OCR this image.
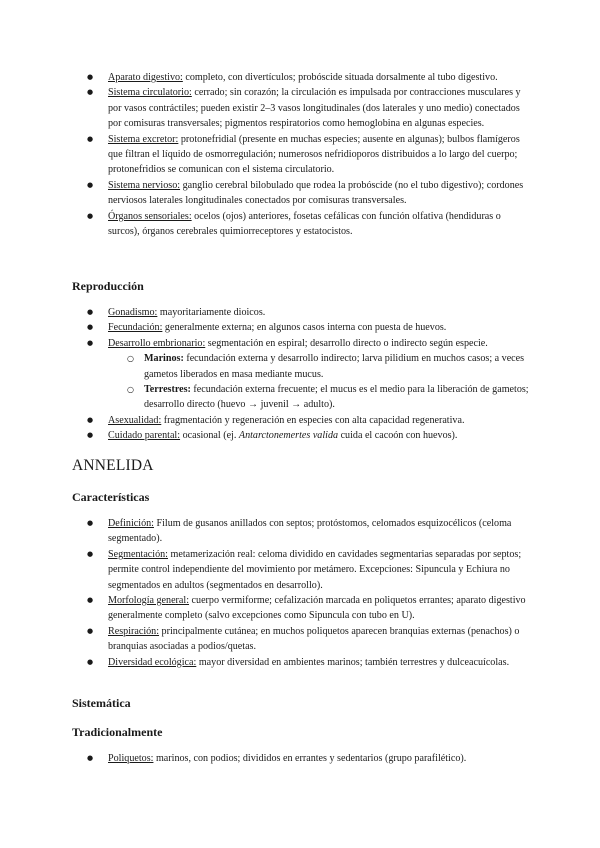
● Aparato digestivo: completo, con divertículos; probóscide situada dorsalmente al tubo digestivo.
● Sistema circulatorio: cerrado; sin corazón; la circulación es impulsada por contracciones musculares y por vasos contráctiles; pueden existir 2–3 vasos longitudinales (dos laterales y uno medio) conectados por comisuras transversales; pigmentos respiratorios como hemoglobina en algunas especies.
● Sistema excretor: protonefridial (presente en muchas especies; ausente en algunas); bulbos flamígeros que filtran el líquido de osmorregulación; numerosos nefridioporos distribuidos a lo largo del cuerpo; protonefridios se comunican con el sistema circulatorio.
● Sistema nervioso: ganglio cerebral bilobulado que rodea la probóscide (no el tubo digestivo); cordones nerviosos laterales longitudinales conectados por comisuras transversales.
● Órganos sensoriales: ocelos (ojos) anteriores, fosetas cefálicas con función olfativa (hendiduras o surcos), órganos cerebrales quimiorreceptores y estatocistos.
Reproducción
● Gonadismo: mayoritariamente dioicos.
● Fecundación: generalmente externa; en algunos casos interna con puesta de huevos.
● Desarrollo embrionario: segmentación en espiral; desarrollo directo o indirecto según especie.
○ Marinos: fecundación externa y desarrollo indirecto; larva pilidium en muchos casos; a veces gametos liberados en masa mediante mucus.
○ Terrestres: fecundación externa frecuente; el mucus es el medio para la liberación de gametos; desarrollo directo (huevo → juvenil → adulto).
● Asexualidad: fragmentación y regeneración en especies con alta capacidad regenerativa.
● Cuidado parental: ocasional (ej. Antarctonemertes valida cuida el cacoón con huevos).
ANNELIDA
Características
● Definición: Filum de gusanos anillados con septos; protóstomos, celomados esquizocélicos (celoma segmentado).
● Segmentación: metamerización real: celoma dividido en cavidades segmentarias separadas por septos; permite control independiente del movimiento por metámero. Excepciones: Sipuncula y Echiura no segmentados en adultos (segmentados en desarrollo).
● Morfología general: cuerpo vermiforme; cefalización marcada en poliquetos errantes; aparato digestivo generalmente completo (salvo excepciones como Sipuncula con tubo en U).
● Respiración: principalmente cutánea; en muchos poliquetos aparecen branquias externas (penachos) o branquias asociadas a podios/quetas.
● Diversidad ecológica: mayor diversidad en ambientes marinos; también terrestres y dulceacuícolas.
Sistemática
Tradicionalmente
● Poliquetos: marinos, con podios; divididos en errantes y sedentarios (grupo parafilético).
